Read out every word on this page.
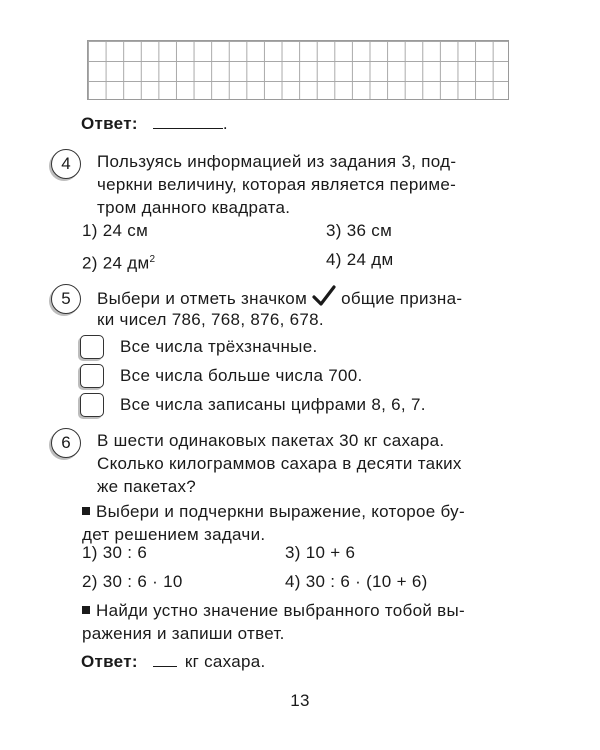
Ответ:	.
4	Пользуясь информацией из задания 3, под-
черкни величину, которая является периме-
тром данного квадрата.
1) 24 см	3) 36 см
2) 24 $дм^2$	4) 24 дм
5	Выбери и отметь значком общие призна-
ки чисел 786, 768, 876, 678.
Все числа трёхзначные.
Все числа больше числа 700.
Все числа записаны цифрами 8, 6, 7.
6	В шести одинаковых пакетах 30 кг сахара.
Сколько килограммов сахара в десяти таких
же пакетах?
Выбери и подчеркни выражение, которое бу-
дет решением задачи.
1) 30 : 6	3) 10 + 6
2) 30 : 6 · 10	4) 30 : 6 · (10 + 6)
Найди устно значение выбранного тобой вы-
ражения и запиши ответ.
Ответ:	кг сахара.
13
